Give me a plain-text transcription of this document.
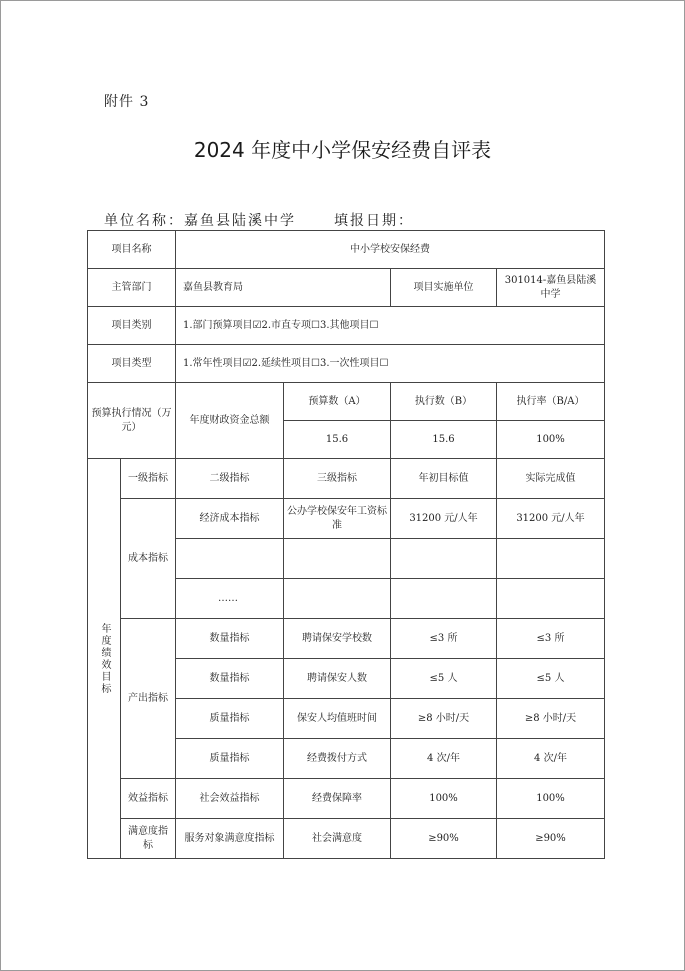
附件 3
2024 年度中小学保安经费自评表
单位名称：嘉鱼县陆溪中学	填报日期：
项目名称		中小学校安保经费			
主管部门		嘉鱼县教育局		项目实施单位	301014-嘉鱼县陆溪中学
项目类别		1.部门预算项目☑2.市直专项☐3.其他项目☐			
项目类型		1.常年性项目☑2.延续性项目☐3.一次性项目☐			
预算执行情况（万元）		年度财政资金总额	预算数（A）	执行数（B）	执行率（B/A）
			15.6	15.6	100%

年度绩效目标	一级指标	二级指标	三级指标	年初目标值	实际完成值
	成本指标	经济成本指标	公办学校保安年工资标准	31200 元/人年	31200 元/人年

		……			
	产出指标	数量指标	聘请保安学校数	≤3 所	≤3 所
		数量指标	聘请保安人数	≤5 人	≤5 人
		质量指标	保安人均值班时间	≥8 小时/天	≥8 小时/天
		质量指标	经费拨付方式	4 次/年	4 次/年
	效益指标	社会效益指标	经费保障率	100%	100%
	满意度指标	服务对象满意度指标	社会满意度	≥90%	≥90%
